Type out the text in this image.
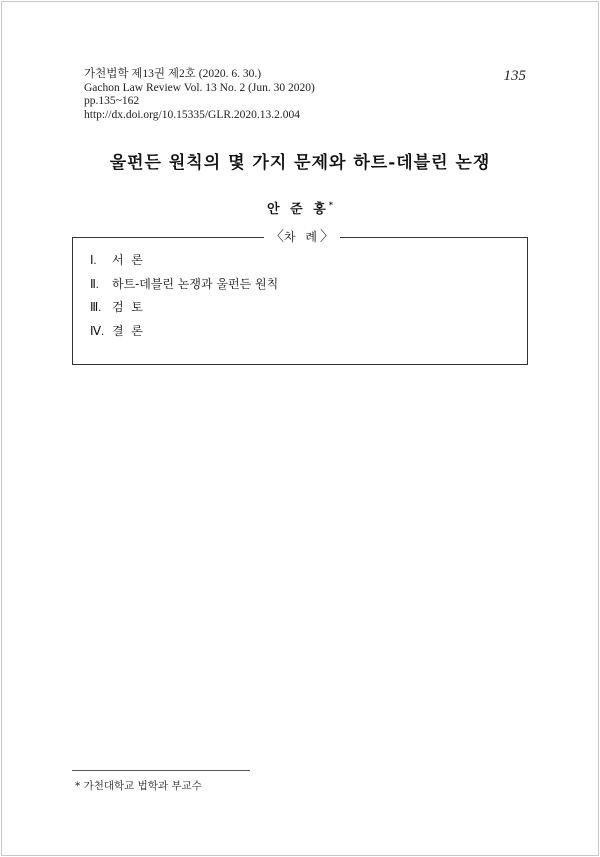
가천법학 제13권 제2호 (2020. 6. 30.)
Gachon Law Review Vol. 13 No. 2 (Jun. 30 2020)
pp.135~162
http://dx.doi.org/10.15335/GLR.2020.13.2.004
135
울펀든 원칙의 몇 가지 문제와 하트-데블린 논쟁
안 준 홍*
〈차 례〉
Ⅰ. 서  론
Ⅱ. 하트-데블린 논쟁과 울펀든 원칙
Ⅲ. 검  토
Ⅳ. 결  론
* 가천대학교 법학과 부교수
